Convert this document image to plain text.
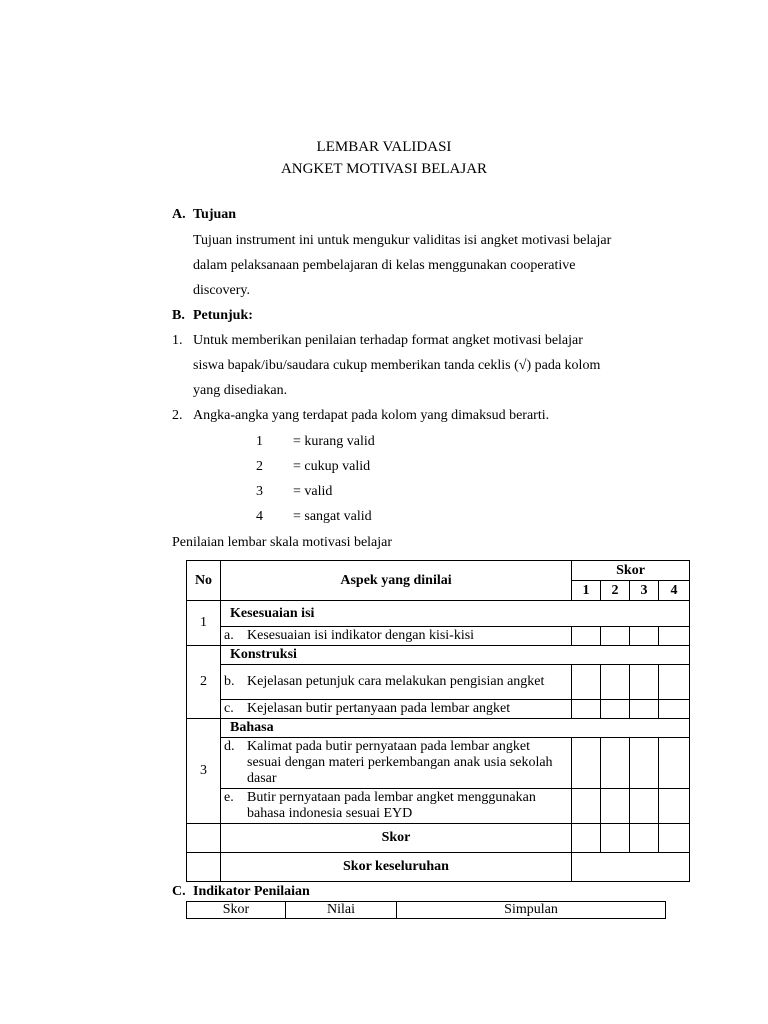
LEMBAR VALIDASI
ANGKET MOTIVASI BELAJAR
A. Tujuan
Tujuan instrument ini untuk mengukur validitas isi angket motivasi belajar
dalam pelaksanaan pembelajaran di kelas menggunakan cooperative
discovery.
B. Petunjuk:
1. Untuk memberikan penilaian terhadap format angket motivasi belajar
siswa bapak/ibu/saudara cukup memberikan tanda ceklis (√) pada kolom
yang disediakan.
2. Angka-angka yang terdapat pada kolom yang dimaksud berarti.
1 = kurang valid
2 = cukup valid
3 = valid
4 = sangat valid
Penilaian lembar skala motivasi belajar
No	Aspek yang dinilai	Skor			
		1	2	3	4
1	Kesesuaian isi				

	a. Kesesuaian isi indikator dengan kisi-kisi				

2	Konstruksi				

	b. Kejelasan petunjuk cara melakukan pengisian angket				

	c. Kejelasan butir pertanyaan pada lembar angket				

3	Bahasa				

	d. Kalimat pada butir pernyataan pada lembar angket sesuai dengan materi perkembangan anak usia sekolah dasar				

	e. Butir pernyataan pada lembar angket menggunakan bahasa indonesia sesuai EYD				

	Skor				
	Skor keseluruhan				
C. Indikator Penilaian
Skor	Nilai	Simpulan
